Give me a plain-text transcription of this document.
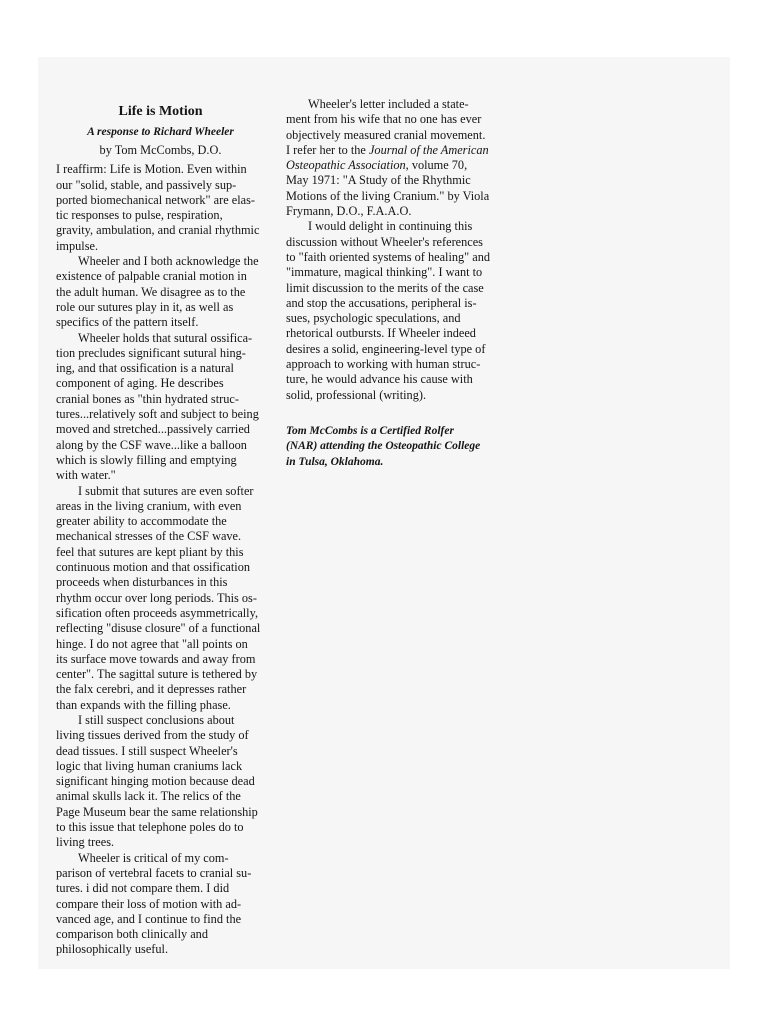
Life is Motion
A response to Richard Wheeler
by Tom McCombs, D.O.
I reaffirm: Life is Motion. Even within
our "solid, stable, and passively sup-
ported biomechanical network" are elas-
tic responses to pulse, respiration,
gravity, ambulation, and cranial rhythmic
impulse.
Wheeler and I both acknowledge the
existence of palpable cranial motion in
the adult human. We disagree as to the
role our sutures play in it, as well as
specifics of the pattern itself.
Wheeler holds that sutural ossifica-
tion precludes significant sutural hing-
ing, and that ossification is a natural
component of aging. He describes
cranial bones as "thin hydrated struc-
tures...relatively soft and subject to being
moved and stretched...passively carried
along by the CSF wave...like a balloon
which is slowly filling and emptying
with water."
I submit that sutures are even softer
areas in the living cranium, with even
greater ability to accommodate the
mechanical stresses of the CSF wave.
feel that sutures are kept pliant by this
continuous motion and that ossification
proceeds when disturbances in this
rhythm occur over long periods. This os-
sification often proceeds asymmetrically,
reflecting "disuse closure" of a functional
hinge. I do not agree that "all points on
its surface move towards and away from
center". The sagittal suture is tethered by
the falx cerebri, and it depresses rather
than expands with the filling phase.
I still suspect conclusions about
living tissues derived from the study of
dead tissues. I still suspect Wheeler's
logic that living human craniums lack
significant hinging motion because dead
animal skulls lack it. The relics of the
Page Museum bear the same relationship
to this issue that telephone poles do to
living trees.
Wheeler is critical of my com-
parison of vertebral facets to cranial su-
tures. i did not compare them. I did
compare their loss of motion with ad-
vanced age, and I continue to find the
comparison both clinically and
philosophically useful.
Wheeler's letter included a state-
ment from his wife that no one has ever
objectively measured cranial movement.
I refer her to the Journal of the American
Osteopathic Association, volume 70,
May 1971: "A Study of the Rhythmic
Motions of the living Cranium." by Viola
Frymann, D.O., F.A.A.O.
I would delight in continuing this
discussion without Wheeler's references
to "faith oriented systems of healing" and
"immature, magical thinking". I want to
limit discussion to the merits of the case
and stop the accusations, peripheral is-
sues, psychologic speculations, and
rhetorical outbursts. If Wheeler indeed
desires a solid, engineering-level type of
approach to working with human struc-
ture, he would advance his cause with
solid, professional (writing).
Tom McCombs is a Certified Rolfer
(NAR) attending the Osteopathic College
in Tulsa, Oklahoma.
